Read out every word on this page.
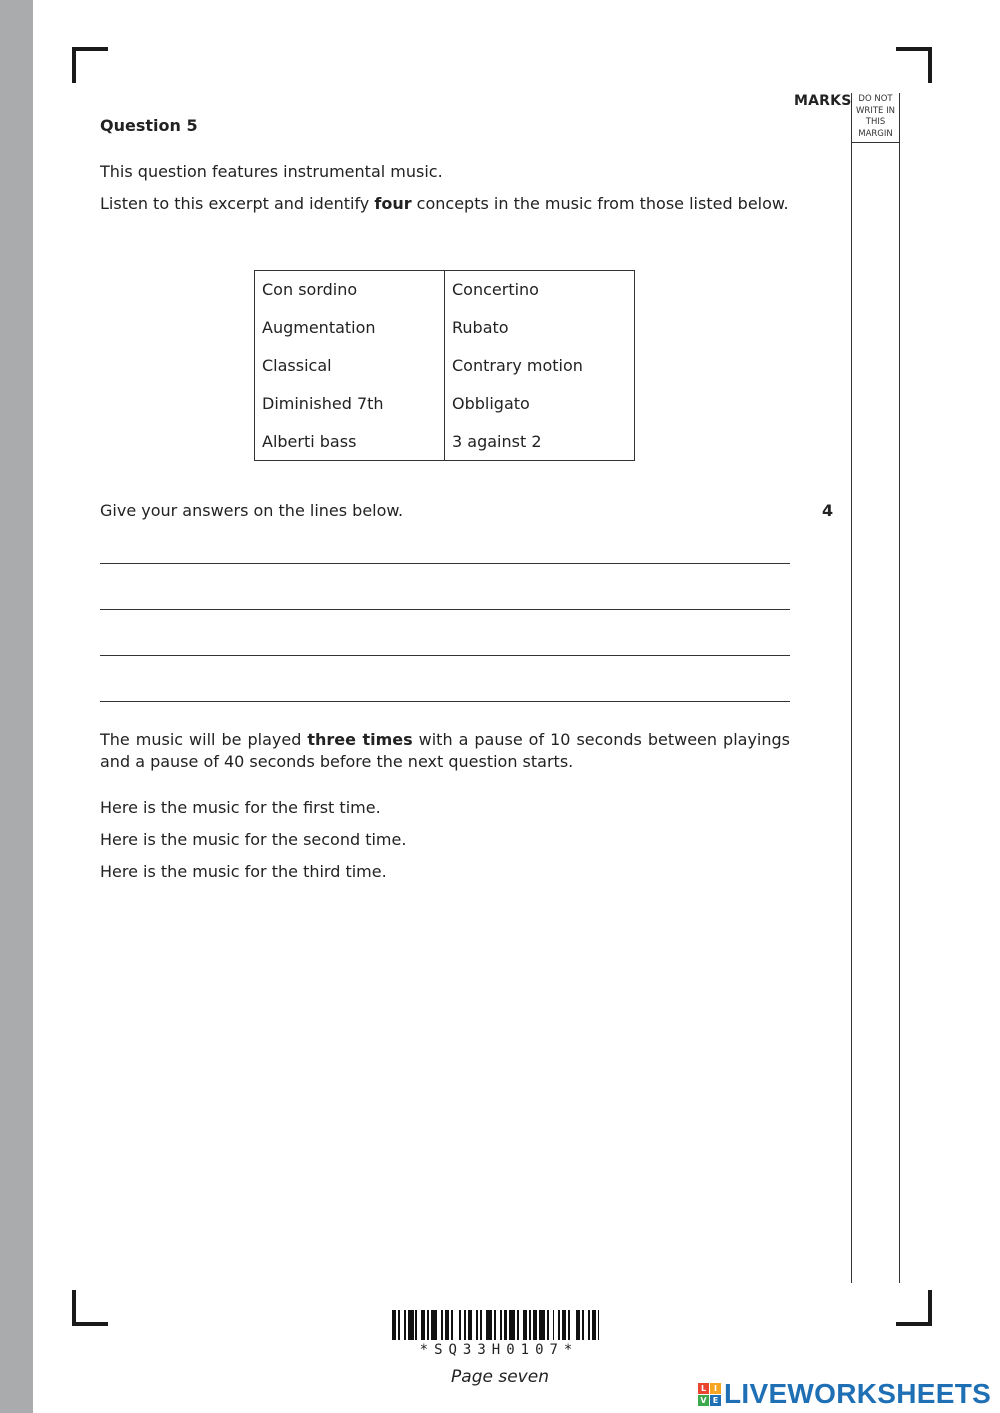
MARKS DO NOT
WRITE IN
THIS
MARGIN
Question 5
This question features instrumental music.
Listen to this excerpt and identify four concepts in the music from those listed below.
Con sordino	Concertino
Augmentation	Rubato
Classical	Contrary motion
Diminished 7th	Obbligato
Alberti bass	3 against 2
Give your answers on the lines below.	4
The music will be played three times with a pause of 10 seconds between playings and a pause of 40 seconds before the next question starts.
Here is the music for the first time.
Here is the music for the second time.
Here is the music for the third time.
*SQ33H0107*
Page seven
L I
V E LIVEWORKSHEETS
